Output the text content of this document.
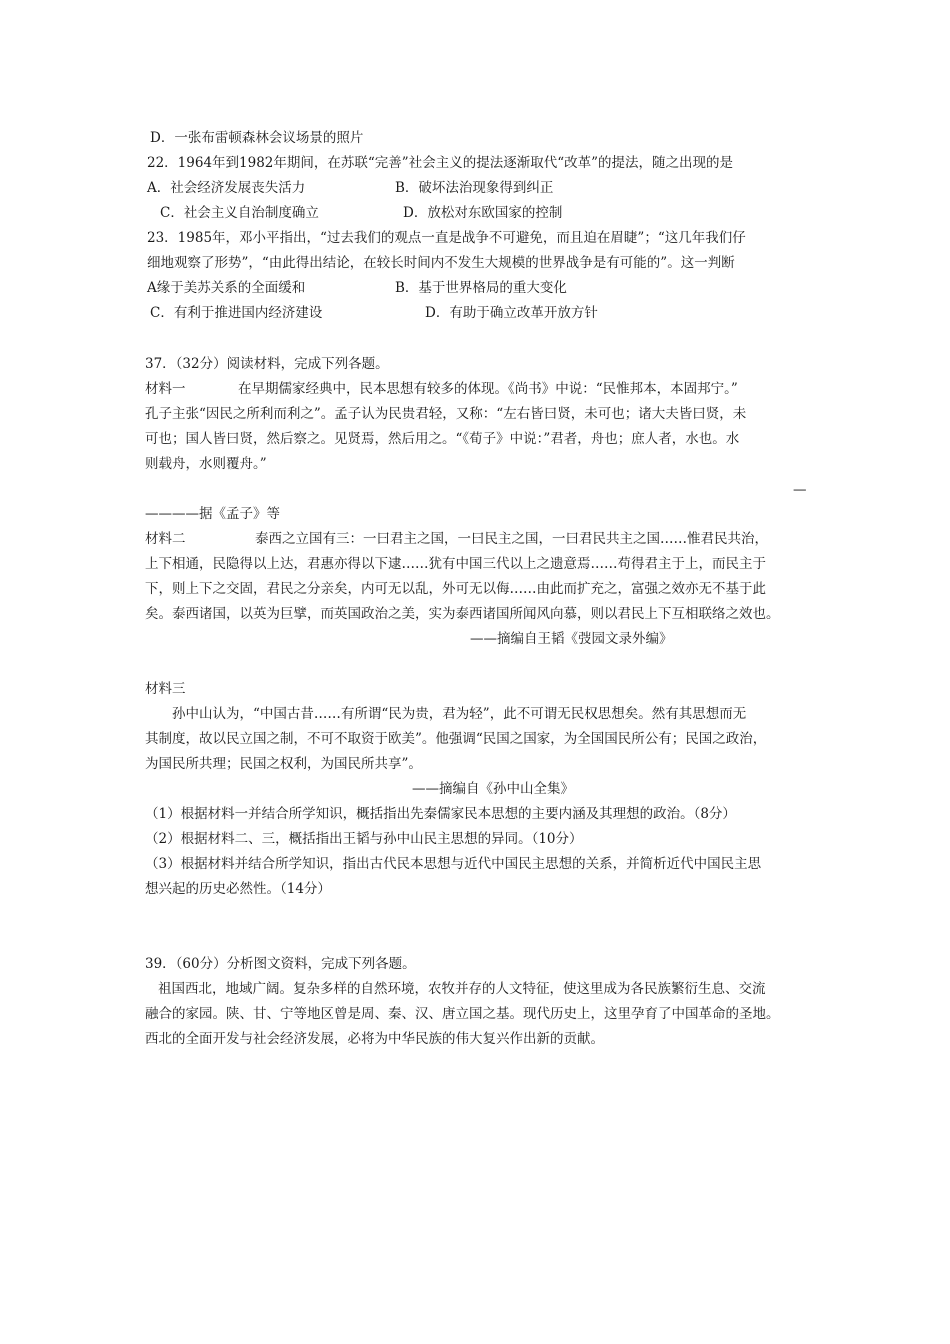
D．一张布雷顿森林会议场景的照片
22．1964年到1982年期间，在苏联“完善”社会主义的提法逐渐取代“改革”的提法，随之出现的是
A．社会经济发展丧失活力	B．破坏法治现象得到纠正
C．社会主义自治制度确立	D．放松对东欧国家的控制
23．1985年，邓小平指出，“过去我们的观点一直是战争不可避免，而且迫在眉睫”；“这几年我们仔
细地观察了形势”，“由此得出结论，在较长时间内不发生大规模的世界战争是有可能的”。这一判断
A缘于美苏关系的全面缓和	B．基于世界格局的重大变化
C．有利于推进国内经济建设	D．有助于确立改革开放方针
37．（32分）阅读材料，完成下列各题。
材料一	在早期儒家经典中，民本思想有较多的体现。《尚书》中说：“民惟邦本，本固邦宁。”
孔子主张“因民之所利而利之”。孟子认为民贵君轻，又称：“左右皆曰贤，未可也；诸大夫皆曰贤，未
可也；国人皆曰贤，然后察之。见贤焉，然后用之。“《荀子》中说：”君者，舟也；庶人者，水也。水
则载舟，水则覆舟。”
—
————据《孟子》等
材料二	泰西之立国有三：一曰君主之国，一曰民主之国，一曰君民共主之国……惟君民共治，
上下相通，民隐得以上达，君惠亦得以下逮……犹有中国三代以上之遗意焉……苟得君主于上，而民主于
下，则上下之交固，君民之分亲矣，内可无以乱，外可无以侮……由此而扩充之，富强之效亦无不基于此
矣。泰西诸国，以英为巨擘，而英国政治之美，实为泰西诸国所闻风向慕，则以君民上下互相联络之效也。
——摘编自王韬《弢园文录外编》
材料三
孙中山认为，“中国古昔……有所谓“民为贵，君为轻”，此不可谓无民权思想矣。然有其思想而无
其制度，故以民立国之制，不可不取资于欧美”。他强调“民国之国家，为全国国民所公有；民国之政治，
为国民所共理；民国之权利，为国民所共享”。
——摘编自《孙中山全集》
（1）根据材料一并结合所学知识，概括指出先秦儒家民本思想的主要内涵及其理想的政治。（8分）
（2）根据材料二、三，概括指出王韬与孙中山民主思想的异同。（10分）
（3）根据材料并结合所学知识，指出古代民本思想与近代中国民主思想的关系，并简析近代中国民主思
想兴起的历史必然性。（14分）
39．（60分）分析图文资料，完成下列各题。
祖国西北，地域广阔。复杂多样的自然环境，农牧并存的人文特征，使这里成为各民族繁衍生息、交流
融合的家园。陕、甘、宁等地区曾是周、秦、汉、唐立国之基。现代历史上，这里孕育了中国革命的圣地。
西北的全面开发与社会经济发展，必将为中华民族的伟大复兴作出新的贡献。
